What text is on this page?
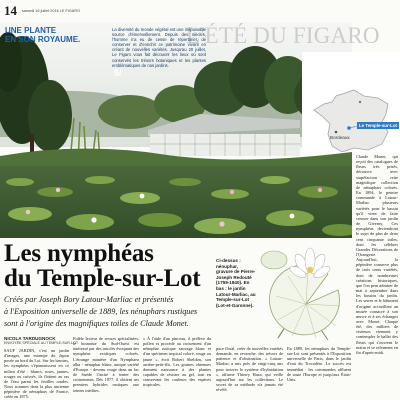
14 samedi 16 juillet 2016 LE FIGARO
L'ÉTÉ DU FIGARO
UNE PLANTE
EN SON ROYAUME.
La diversité du monde végétal est une inépuisable source d'émerveillement. Depuis des siècles, l'homme n'a eu de cesse de répertorier, de conserver et d'enrichir ce patrimoine vivant en créant de nouvelles variétés. Jusqu'au 20 juillet, Le Figaro vous fait découvrir les lieux où sont conservés les trésors botaniques et les plantes emblématiques de nos jardins.
5/
Le Temple-sur-Lot
Bordeaux
Les nymphéas
du Temple-sur-Lot
Créés par Joseph Bory Latour-Marliac et présentés
à l'Exposition universelle de 1889, les nénuphars rustiques
sont à l'origine des magnifiques toiles de Claude Monet.
Ci-dessus : nénuphar, gravure de Pierre-Joseph Redouté (1759-1840). En bas : le jardin Latour-Marliac, au Temple-sur-Lot (Lot-et-Garonne).
NICOLA TARDUGNOCK
ENVOYÉE SPÉCIALE AU TEMPLE-SUR-LOT
SAUF JARDIN, c'est un jardin d'images, une estampe du Japon posée au bord du Lot. Sur les bassins, les nymphéas s'épanouissent en ce milieu d'été : blancs, roses, jaunes, rouges ou cuivrés, ils flottent au ras de l'eau parmi les feuilles rondes. Nous sommes dans la plus ancienne pépinière de nénuphars de France, créée en 1875.
Fidèle lecteur de revues spécialisées, le botaniste du Sud-Ouest est intéressé par des articles évoquant des nymphéas exotiques colorés. L'étrange manière d'un Nymphaea alba - nénuphar blanc, unique variété d'Europe - devenu rouge dans un lac de Suède l'incite à tenter des croisements. Dès 1877, il obtient ses premiers hybrides rustiques aux teintes inédites.
« À l'aide d'un pinceau, il prélève du pollen et procède au croisement d'un nénuphar rustique sauvage blanc et d'un spécimen tropical coloré, rouge ou jaune », écrit Robert Sheldon, son arrière-petit-fils. Les graines obtenues donnent naissance à des plantes capables de résister au gel, tout en conservant les couleurs des espèces tropicales.
pace floral, créer de nouvelles variétés demande, en revanche, des trésors de patience et d'obstination. « Latour-Marliac a mis près de vingt-cinq ans pour trouver le système d'hybridation », affirme Thierry Haza, qui veille aujourd'hui sur les collections. Le secret de sa méthode n'a jamais été révélé.
En 1889, les nénuphars du Temple-sur-Lot sont présentés à l'Exposition universelle de Paris, dans le jardin d'eau du Trocadéro. Le succès est immédiat : les commandes affluent de toute l'Europe et jusqu'aux États-Unis.
Claude Monet, qui reçoit des catalogues de fleurs très prisés, découvre avec stupéfaction cette magnifique collection de nénuphars colorés. En 1894, le peintre commande à Latour-Marliac plusieurs variétés pour le bassin qu'il vient de faire creuser dans son jardin de Giverny. Ces nymphéas deviendront le sujet de plus de deux cent cinquante toiles, dont les célèbres Grandes Décorations de l'Orangerie. Aujourd'hui, la pépinière conserve plus de trois cents variétés, dont de nombreuses créations historiques, que l'on peut admirer de mai à septembre dans les bassins du jardin. Les serres et le bâtiment d'origine accueillent un musée consacré à son œuvre et à ses échanges avec Monet. Chaque été, des milliers de visiteurs viennent y contempler le ballet des fleurs qui s'ouvrent le matin et se referment en fin d'après-midi.
